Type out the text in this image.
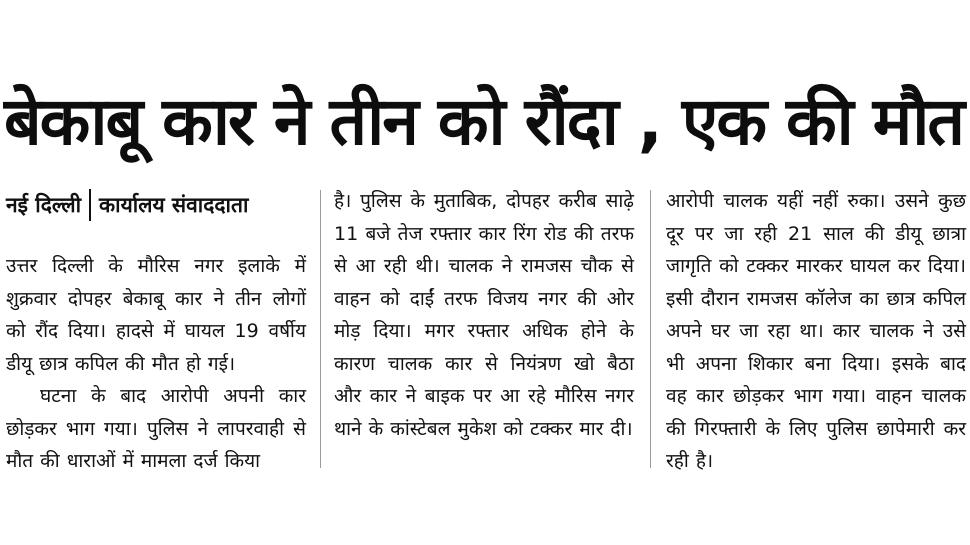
बेकाबू कार ने तीन को रौंदा , एक की मौत
नई दिल्ली कार्यालय संवाददाता

उत्तर दिल्ली के मौरिस नगर इलाके में शुक्रवार दोपहर बेकाबू कार ने तीन लोगों को रौंद दिया। हादसे में घायल 19 वर्षीय डीयू छात्र कपिल की मौत हो गई।

घटना के बाद आरोपी अपनी कार छोड़कर भाग गया। पुलिस ने लापरवाही से मौत की धाराओं में मामला दर्ज किया

है। पुलिस के मुताबिक, दोपहर करीब साढ़े 11 बजे तेज रफ्तार कार रिंग रोड की तरफ से आ रही थी। चालक ने रामजस चौक से वाहन को दाईं तरफ विजय नगर की ओर मोड़ दिया। मगर रफ्तार अधिक होने के कारण चालक कार से नियंत्रण खो बैठा और कार ने बाइक पर आ रहे मौरिस नगर थाने के कांस्टेबल मुकेश को टक्कर मार दी।

आरोपी चालक यहीं नहीं रुका। उसने कुछ दूर पर जा रही 21 साल की डीयू छात्रा जागृति को टक्कर मारकर घायल कर दिया। इसी दौरान रामजस कॉलेज का छात्र कपिल अपने घर जा रहा था। कार चालक ने उसे भी अपना शिकार बना दिया। इसके बाद वह कार छोड़कर भाग गया। वाहन चालक की गिरफ्तारी के लिए पुलिस छापेमारी कर रही है।
